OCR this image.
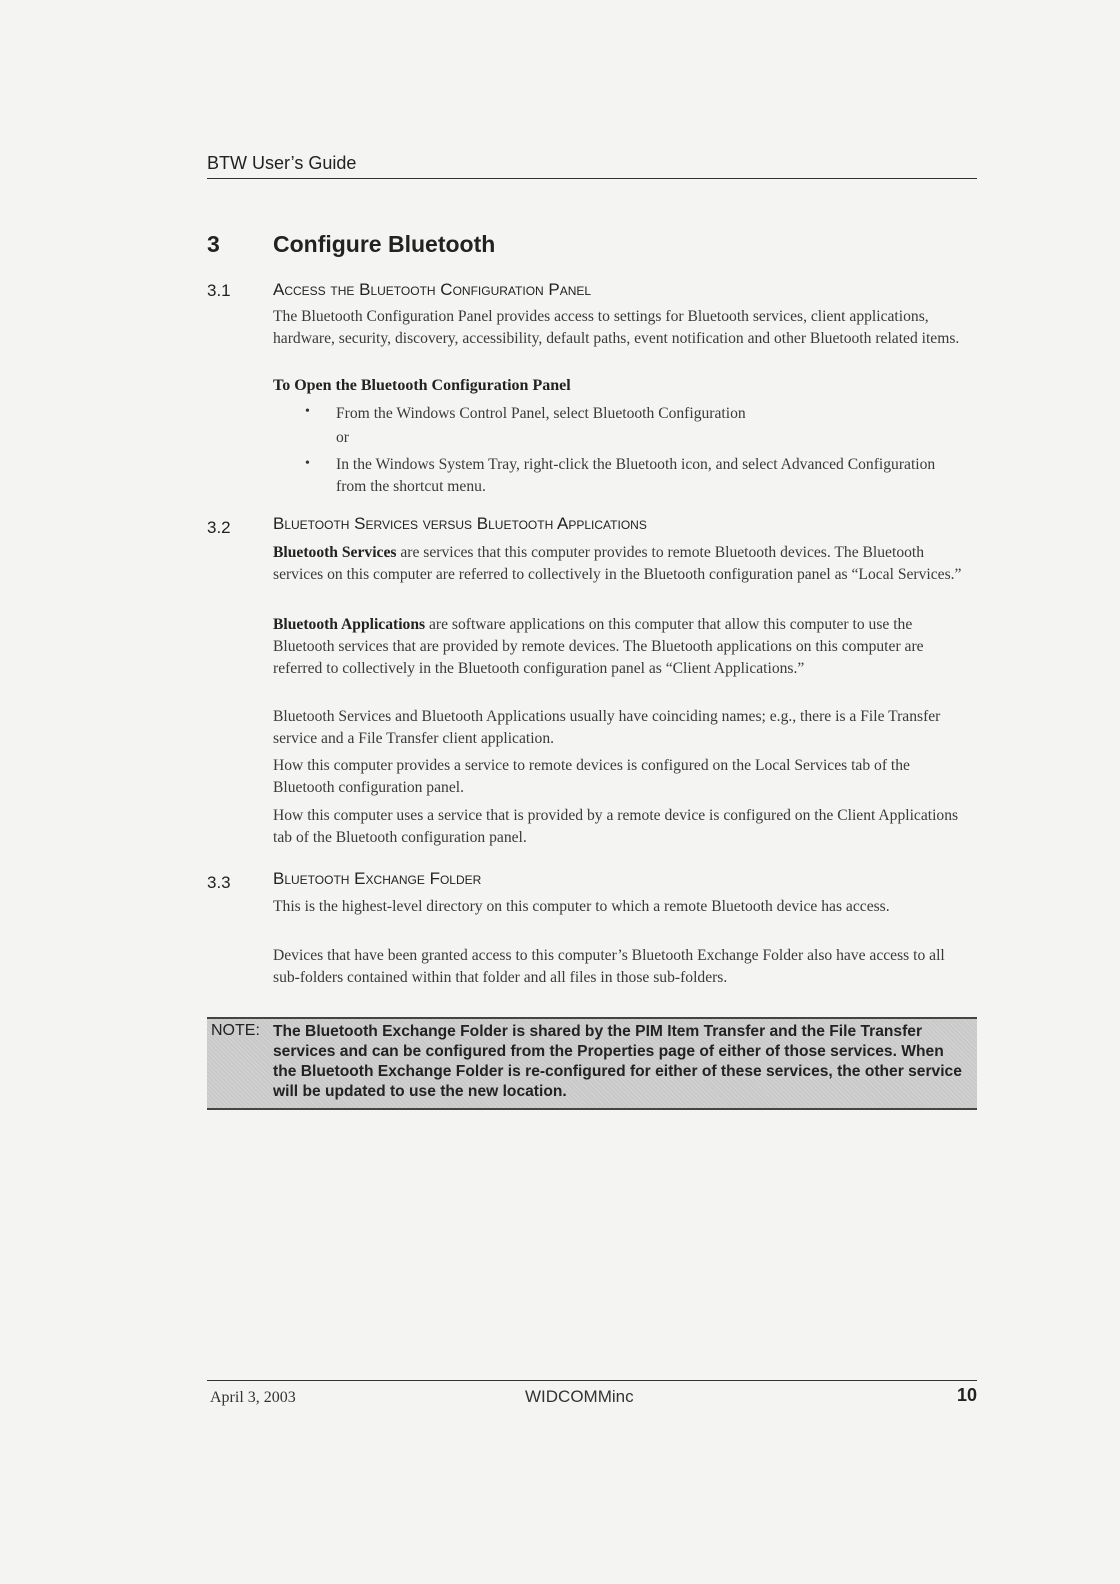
BTW User’s Guide
3 Configure Bluetooth
3.1 Access the Bluetooth Configuration Panel

The Bluetooth Configuration Panel provides access to settings for Bluetooth services, client applications, hardware, security, discovery, accessibility, default paths, event notification and other Bluetooth related items.

To Open the Bluetooth Configuration Panel
• From the Windows Control Panel, select Bluetooth Configuration

or

• In the Windows System Tray, right-click the Bluetooth icon, and select Advanced Configuration from the shortcut menu.

3.2 Bluetooth Services versus Bluetooth Applications

Bluetooth Services are services that this computer provides to remote Bluetooth devices. The Bluetooth services on this computer are referred to collectively in the Bluetooth configuration panel as “Local Services.”

Bluetooth Applications are software applications on this computer that allow this computer to use the Bluetooth services that are provided by remote devices. The Bluetooth applications on this computer are referred to collectively in the Bluetooth configuration panel as “Client Applications.”

Bluetooth Services and Bluetooth Applications usually have coinciding names; e.g., there is a File Transfer service and a File Transfer client application.

How this computer provides a service to remote devices is configured on the Local Services tab of the Bluetooth configuration panel.

How this computer uses a service that is provided by a remote device is configured on the Client Applications tab of the Bluetooth configuration panel.

3.3 Bluetooth Exchange Folder

This is the highest-level directory on this computer to which a remote Bluetooth device has access.

Devices that have been granted access to this computer’s Bluetooth Exchange Folder also have access to all sub-folders contained within that folder and all files in those sub-folders.

NOTE: The Bluetooth Exchange Folder is shared by the PIM Item Transfer and the File Transfer services and can be configured from the Properties page of either of those services. When the Bluetooth Exchange Folder is re-configured for either of these services, the other service will be updated to use the new location.

April 3, 2003	WIDCOMMinc	10
